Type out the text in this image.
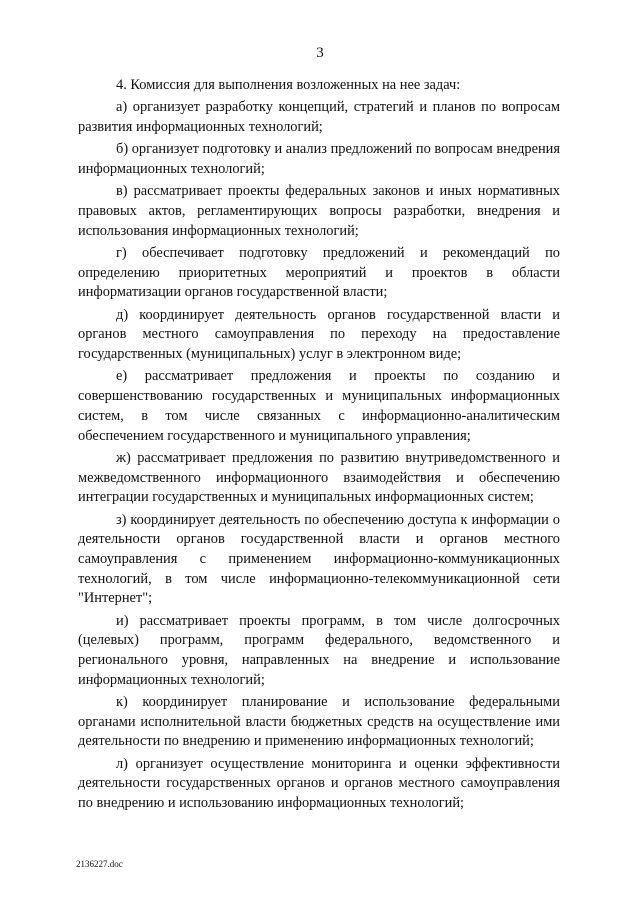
3

4. Комиссия для выполнения возложенных на нее задач:

а) организует разработку концепций, стратегий и планов по вопросам развития информационных технологий;

б) организует подготовку и анализ предложений по вопросам внедрения информационных технологий;

в) рассматривает проекты федеральных законов и иных нормативных правовых актов, регламентирующих вопросы разработки, внедрения и использования информационных технологий;

г) обеспечивает подготовку предложений и рекомендаций по определению приоритетных мероприятий и проектов в области информатизации органов государственной власти;

д) координирует деятельность органов государственной власти и органов местного самоуправления по переходу на предоставление государственных (муниципальных) услуг в электронном виде;

е) рассматривает предложения и проекты по созданию и совершенствованию государственных и муниципальных информационных систем, в том числе связанных с информационно-аналитическим обеспечением государственного и муниципального управления;

ж) рассматривает предложения по развитию внутриведомственного и межведомственного информационного взаимодействия и обеспечению интеграции государственных и муниципальных информационных систем;

з) координирует деятельность по обеспечению доступа к информации о деятельности органов государственной власти и органов местного самоуправления с применением информационно-коммуникационных технологий, в том числе информационно-телекоммуникационной сети "Интернет";

и) рассматривает проекты программ, в том числе долгосрочных (целевых) программ, программ федерального, ведомственного и регионального уровня, направленных на внедрение и использование информационных технологий;

к) координирует планирование и использование федеральными органами исполнительной власти бюджетных средств на осуществление ими деятельности по внедрению и применению информационных технологий;

л) организует осуществление мониторинга и оценки эффективности деятельности государственных органов и органов местного самоуправления по внедрению и использованию информационных технологий;

2136227.doc
